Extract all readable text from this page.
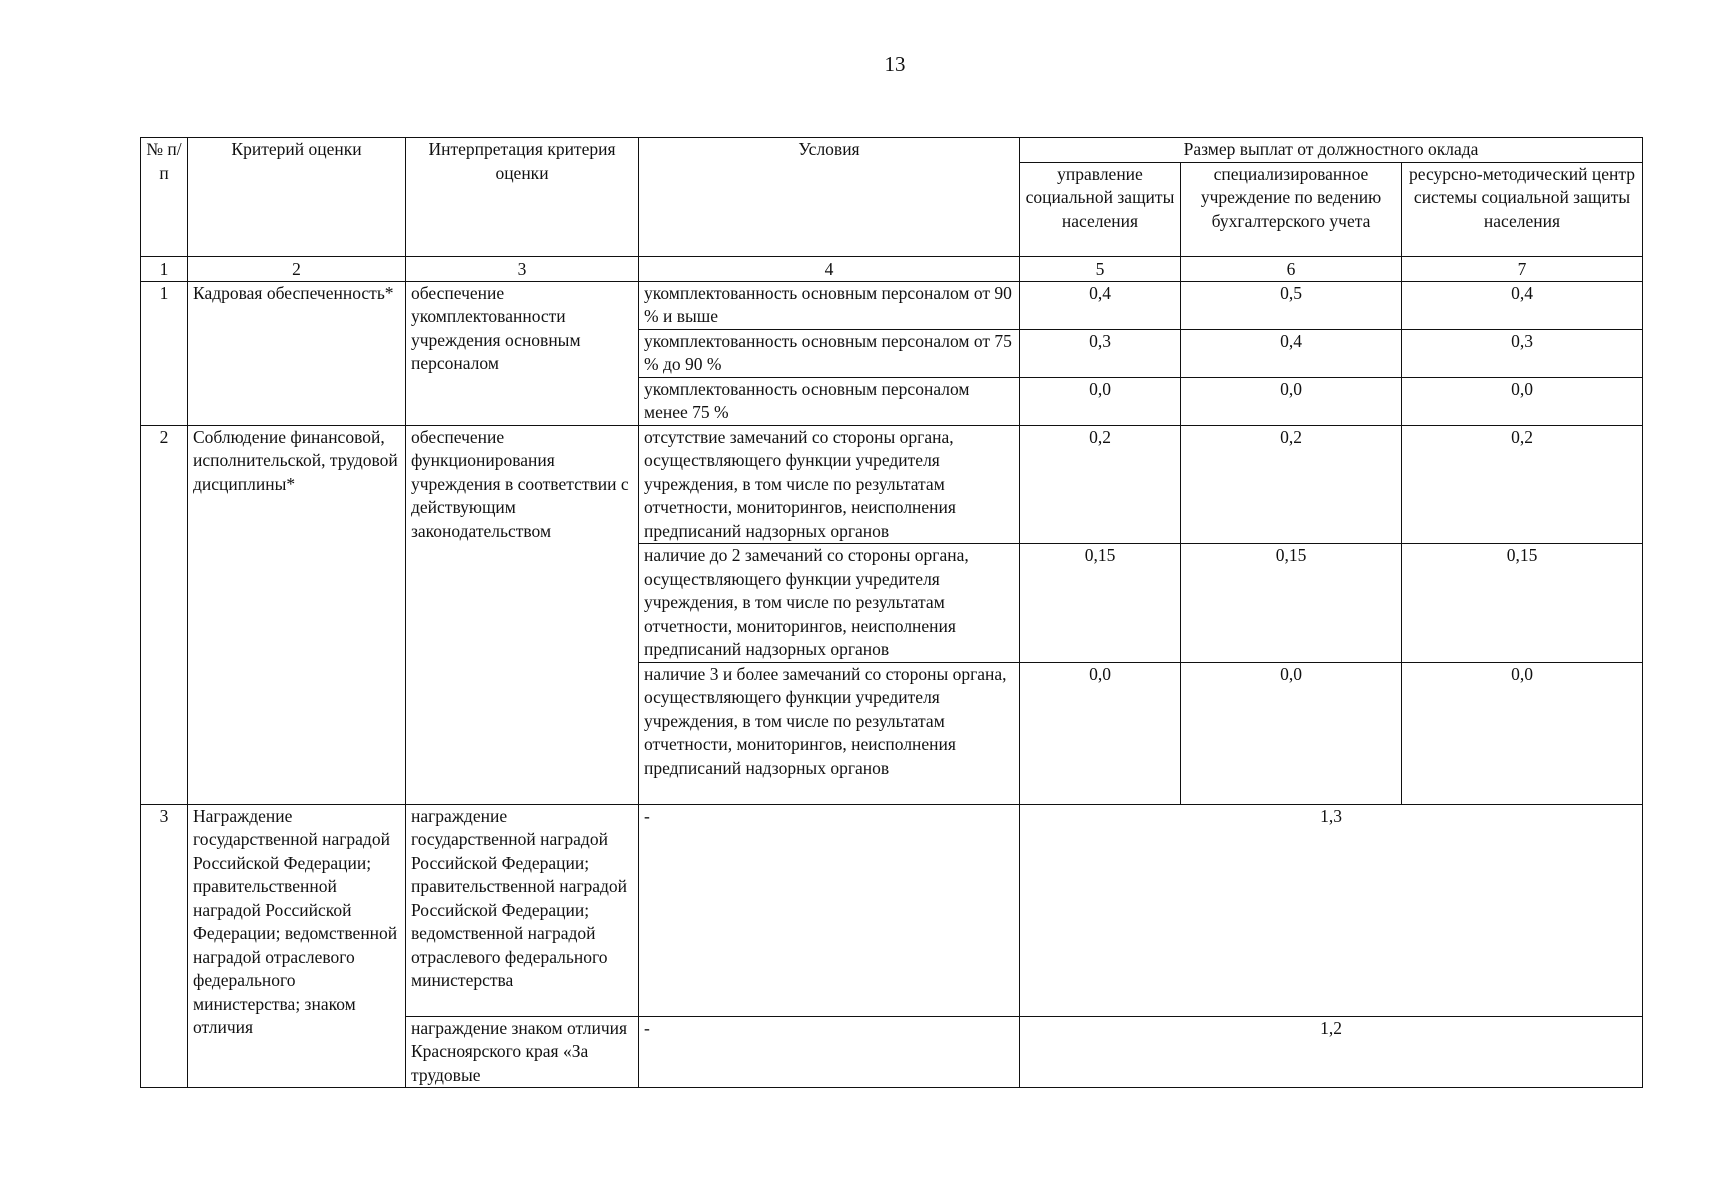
13
№ п/п	Критерий оценки	Интерпретация критерия оценки	Условия	Размер выплат от должностного оклада		
				управление социальной защиты населения	специализированное учреждение по ведению бухгалтерского учета	ресурсно-методический центр системы социальной защиты населения
1	2	3	4	5	6	7
1	Кадровая обеспеченность*	обеспечение укомплектованности учреждения основным персоналом	укомплектованность основным персоналом от 90 % и выше	0,4	0,5	0,4
			укомплектованность основным персоналом от 75 % до 90 %	0,3	0,4	0,3
			укомплектованность основным персоналом менее 75 %	0,0	0,0	0,0
2	Соблюдение финансовой, исполнительской, трудовой дисциплины*	обеспечение функционирования учреждения в соответствии с действующим законодательством	отсутствие замечаний со стороны органа, осуществляющего функции учредителя учреждения, в том числе по результатам отчетности, мониторингов, неисполнения предписаний надзорных органов	0,2	0,2	0,2
			наличие до 2 замечаний со стороны органа, осуществляющего функции учредителя учреждения, в том числе по результатам отчетности, мониторингов, неисполнения предписаний надзорных органов	0,15	0,15	0,15
			наличие 3 и более замечаний со стороны органа, осуществляющего функции учредителя учреждения, в том числе по результатам отчетности, мониторингов, неисполнения предписаний надзорных органов	0,0	0,0	0,0
3	Награждение государственной наградой Российской Федерации; правительственной наградой Российской Федерации; ведомственной наградой отраслевого федерального министерства; знаком отличия	награждение государственной наградой Российской Федерации; правительственной наградой Российской Федерации; ведомственной наградой отраслевого федерального министерства	-	1,3		
		награждение знаком отличия Красноярского края «За трудовые	-	1,2		
